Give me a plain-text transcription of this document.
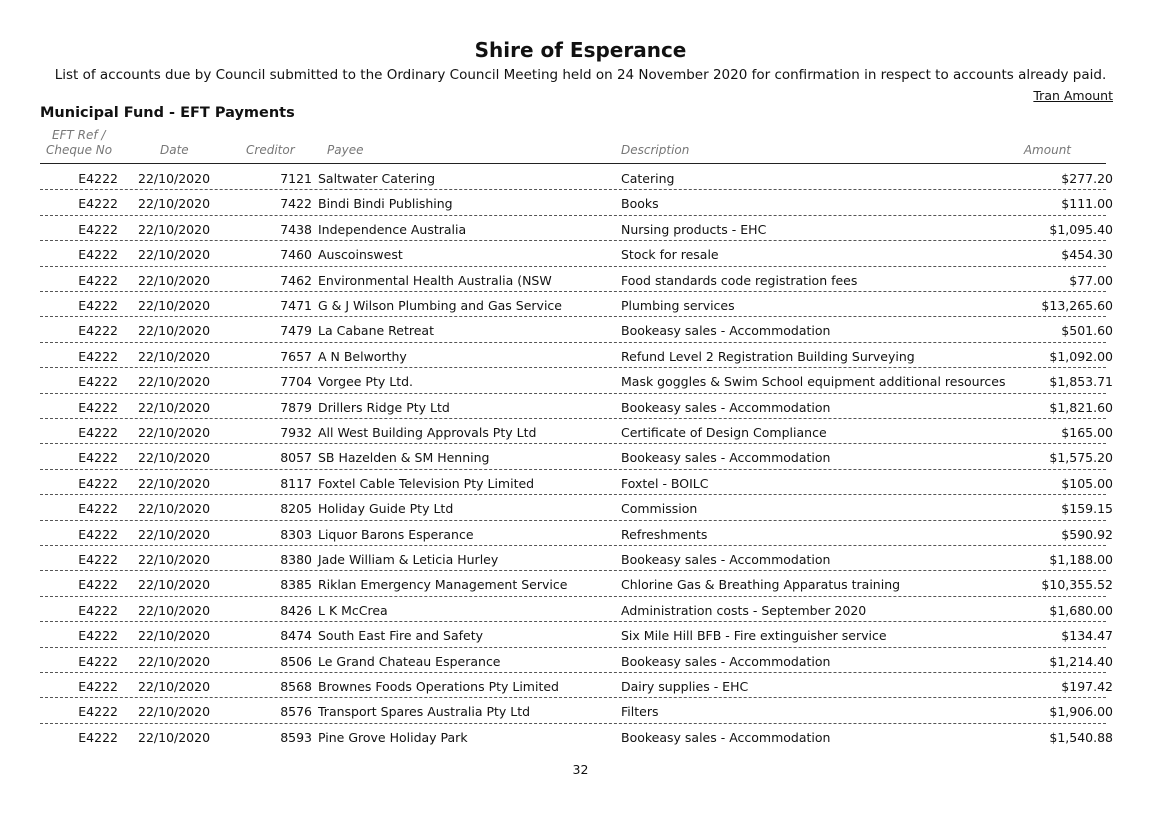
Shire of Esperance
List of accounts due by Council submitted to the Ordinary Council Meeting held on 24 November 2020 for confirmation in respect to accounts already paid.
Tran Amount
Municipal Fund - EFT Payments
EFT Ref /
Cheque No	Date	Creditor	Payee	Description	Amount
E4222 22/10/2020	7121 Saltwater Catering	Catering	$277.20
E4222 22/10/2020	7422 Bindi Bindi Publishing	Books	$111.00
E4222 22/10/2020	7438 Independence Australia	Nursing products - EHC	$1,095.40
E4222 22/10/2020	7460 Auscoinswest	Stock for resale	$454.30
E4222 22/10/2020	7462 Environmental Health Australia (NSW	Food standards code registration fees	$77.00
E4222 22/10/2020	7471 G & J Wilson Plumbing and Gas Service	Plumbing services	$13,265.60
E4222 22/10/2020	7479 La Cabane Retreat	Bookeasy sales - Accommodation	$501.60
E4222 22/10/2020	7657 A N Belworthy	Refund Level 2 Registration Building Surveying	$1,092.00
E4222 22/10/2020	7704 Vorgee Pty Ltd.	Mask goggles & Swim School equipment additional resources	$1,853.71
E4222 22/10/2020	7879 Drillers Ridge Pty Ltd	Bookeasy sales - Accommodation	$1,821.60
E4222 22/10/2020	7932 All West Building Approvals Pty Ltd	Certificate of Design Compliance	$165.00
E4222 22/10/2020	8057 SB Hazelden & SM Henning	Bookeasy sales - Accommodation	$1,575.20
E4222 22/10/2020	8117 Foxtel Cable Television Pty Limited	Foxtel - BOILC	$105.00
E4222 22/10/2020	8205 Holiday Guide Pty Ltd	Commission	$159.15
E4222 22/10/2020	8303 Liquor Barons Esperance	Refreshments	$590.92
E4222 22/10/2020	8380 Jade William & Leticia Hurley	Bookeasy sales - Accommodation	$1,188.00
E4222 22/10/2020	8385 Riklan Emergency Management Service	Chlorine Gas & Breathing Apparatus training	$10,355.52
E4222 22/10/2020	8426 L K McCrea	Administration costs - September 2020	$1,680.00
E4222 22/10/2020	8474 South East Fire and Safety	Six Mile Hill BFB - Fire extinguisher service	$134.47
E4222 22/10/2020	8506 Le Grand Chateau Esperance	Bookeasy sales - Accommodation	$1,214.40
E4222 22/10/2020	8568 Brownes Foods Operations Pty Limited	Dairy supplies - EHC	$197.42
E4222 22/10/2020	8576 Transport Spares Australia Pty Ltd	Filters	$1,906.00
E4222 22/10/2020	8593 Pine Grove Holiday Park	Bookeasy sales - Accommodation	$1,540.88
32
